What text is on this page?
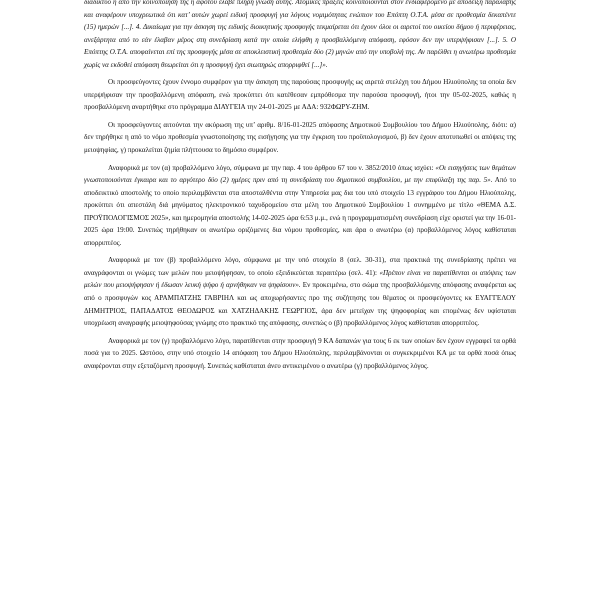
διαδίκτυο ή από την κοινοποίησή της ή αφότου έλαβε πλήρη γνώση αυτής. Ατομικές πράξεις κοινοποιούνται στον ενδιαφερόμενο με απόδειξη παραλαβής και αναφέρουν υποχρεωτικά ότι κατ’ αυτών χωρεί ειδική προσφυγή για λόγους νομιμότητας ενώπιον του Επόπτη Ο.Τ.Α. μέσα σε προθεσμία δεκαπέντε (15) ημερών [...]. 4. Δικαίωμα για την άσκηση της ειδικής διοικητικής προσφυγής τεκμαίρεται ότι έχουν όλοι οι αιρετοί του οικείου δήμου ή περιφέρειας, ανεξάρτητα από το εάν έλαβαν μέρος στη συνεδρίαση κατά την οποία ελήφθη η προσβαλλόμενη απόφαση, εφόσον δεν την υπερψήφισαν [...]. 5. Ο Επόπτης Ο.Τ.Α. αποφαίνεται επί της προσφυγής μέσα σε αποκλειστική προθεσμία δύο (2) μηνών από την υποβολή της. Αν παρέλθει η ανωτέρω προθεσμία χωρίς να εκδοθεί απόφαση θεωρείται ότι η προσφυγή έχει σιωπηρώς απορριφθεί [...]».

Οι προσφεύγοντες έχουν έννομο συμφέρον για την άσκηση της παρούσας προσφυγής ως αιρετά στελέχη του Δήμου Ηλιούπολης τα οποία δεν υπερψήφισαν την προσβαλλόμενη απόφαση, ενώ προκύπτει ότι κατέθεσαν εμπρόθεσμα την παρούσα προσφυγή, ήτοι την 05-02-2025, καθώς η προσβαλλόμενη αναρτήθηκε στο πρόγραμμα ΔΙΑΥΓΕΙΑ την 24-01-2025 με ΑΔΑ: 932ΦΩΡΥ-ΖΗΜ.

Οι προσφεύγοντες αιτούνται την ακύρωση της υπ’ αριθμ. 8/16-01-2025 απόφασης Δημοτικού Συμβουλίου του Δήμου Ηλιούπολης, διότι: α) δεν τηρήθηκε η από το νόμο προθεσμία γνωστοποίησης της εισήγησης για την έγκριση του προϋπολογισμού, β) δεν έχουν αποτυπωθεί οι απόψεις της μειοψηφίας, γ) προκαλείται ζημία πλήττουσα το δημόσιο συμφέρον.

Αναφορικά με τον (α) προβαλλόμενο λόγο, σύμφωνα με την παρ. 4 του άρθρου 67 του ν. 3852/2010 όπως ισχύει: «Οι εισηγήσεις των θεμάτων γνωστοποιούνται έγκαιρα και το αργότερο δύο (2) ημέρες πριν από τη συνεδρίαση του δημοτικού συμβουλίου, με την επιφύλαξη της παρ. 5». Από το αποδεικτικό αποστολής το οποίο περιλαμβάνεται στα αποσταλθέντα στην Υπηρεσία μας δια του υπό στοιχείο 13 εγγράφου του Δήμου Ηλιούπολης, προκύπτει ότι απεστάλη διά μηνύματος ηλεκτρονικού ταχυδρομείου στα μέλη του Δημοτικού Συμβουλίου 1 συνημμένο με τίτλο «ΘΕΜΑ Δ.Σ. ΠΡΟΫΠΟΛΟΓΙΣΜΟΣ 2025», και ημερομηνία αποστολής 14-02-2025 ώρα 6:53 μ.μ., ενώ η προγραμματισμένη συνεδρίαση είχε οριστεί για την 16-01-2025 ώρα 19:00. Συνεπώς τηρήθηκαν οι ανωτέρω οριζόμενες δια νόμου προθεσμίες, και άρα ο ανωτέρω (α) προβαλλόμενος λόγος καθίσταται απορριπτέος.

Αναφορικά με τον (β) προβαλλόμενο λόγο, σύμφωνα με την υπό στοιχείο 8 (σελ. 30-31), στα πρακτικά της συνεδρίασης πρέπει να αναγράφονται οι γνώμες των μελών που μειοψήφησαν, το οποίο εξειδικεύεται περαιτέρω (σελ. 41): «Πρέπον είναι να παρατίθενται οι απόψεις των μελών που μειοψήφησαν ή έδωσαν λευκή ψήφο ή αρνήθηκαν να ψηφίσουν». Εν προκειμένω, στο σώμα της προσβαλλόμενης απόφασης αναφέρεται ως από ο προσφυγών κος ΑΡΑΜΠΑΤΖΗΣ ΓΑΒΡΙΗΛ και ως αποχωρήσαντες προ της συζήτησης του θέματος οι προσφεύγοντες κκ ΕΥΑΓΓΕΛΟΥ ΔΗΜΗΤΡΙΟΣ, ΠΑΠΑΔΑΤΟΣ ΘΕΟΔΩΡΟΣ και ΧΑΤΖΗΔΑΚΗΣ ΓΕΩΡΓΙΟΣ, άρα δεν μετείχαν της ψηφοφορίας και επομένως δεν υφίσταται υποχρέωση αναγραφής μειοψηφούσας γνώμης στο πρακτικό της απόφασης, συνεπώς ο (β) προβαλλόμενος λόγος καθίσταται απορριπτέος.

Αναφορικά με τον (γ) προβαλλόμενο λόγο, παρατίθενται στην προσφυγή 9 ΚΑ δαπανών για τους 6 εκ των οποίων δεν έχουν εγγραφεί τα ορθά ποσά για το 2025. Ωστόσο, στην υπό στοιχείο 14 απόφαση του Δήμου Ηλιούπολης, περιλαμβάνονται οι συγκεκριμένοι ΚΑ με τα ορθά ποσά όπως αναφέρονται στην εξεταζόμενη προσφυγή. Συνεπώς καθίσταται άνευ αντικειμένου ο ανωτέρω (γ) προβαλλόμενος λόγος.
